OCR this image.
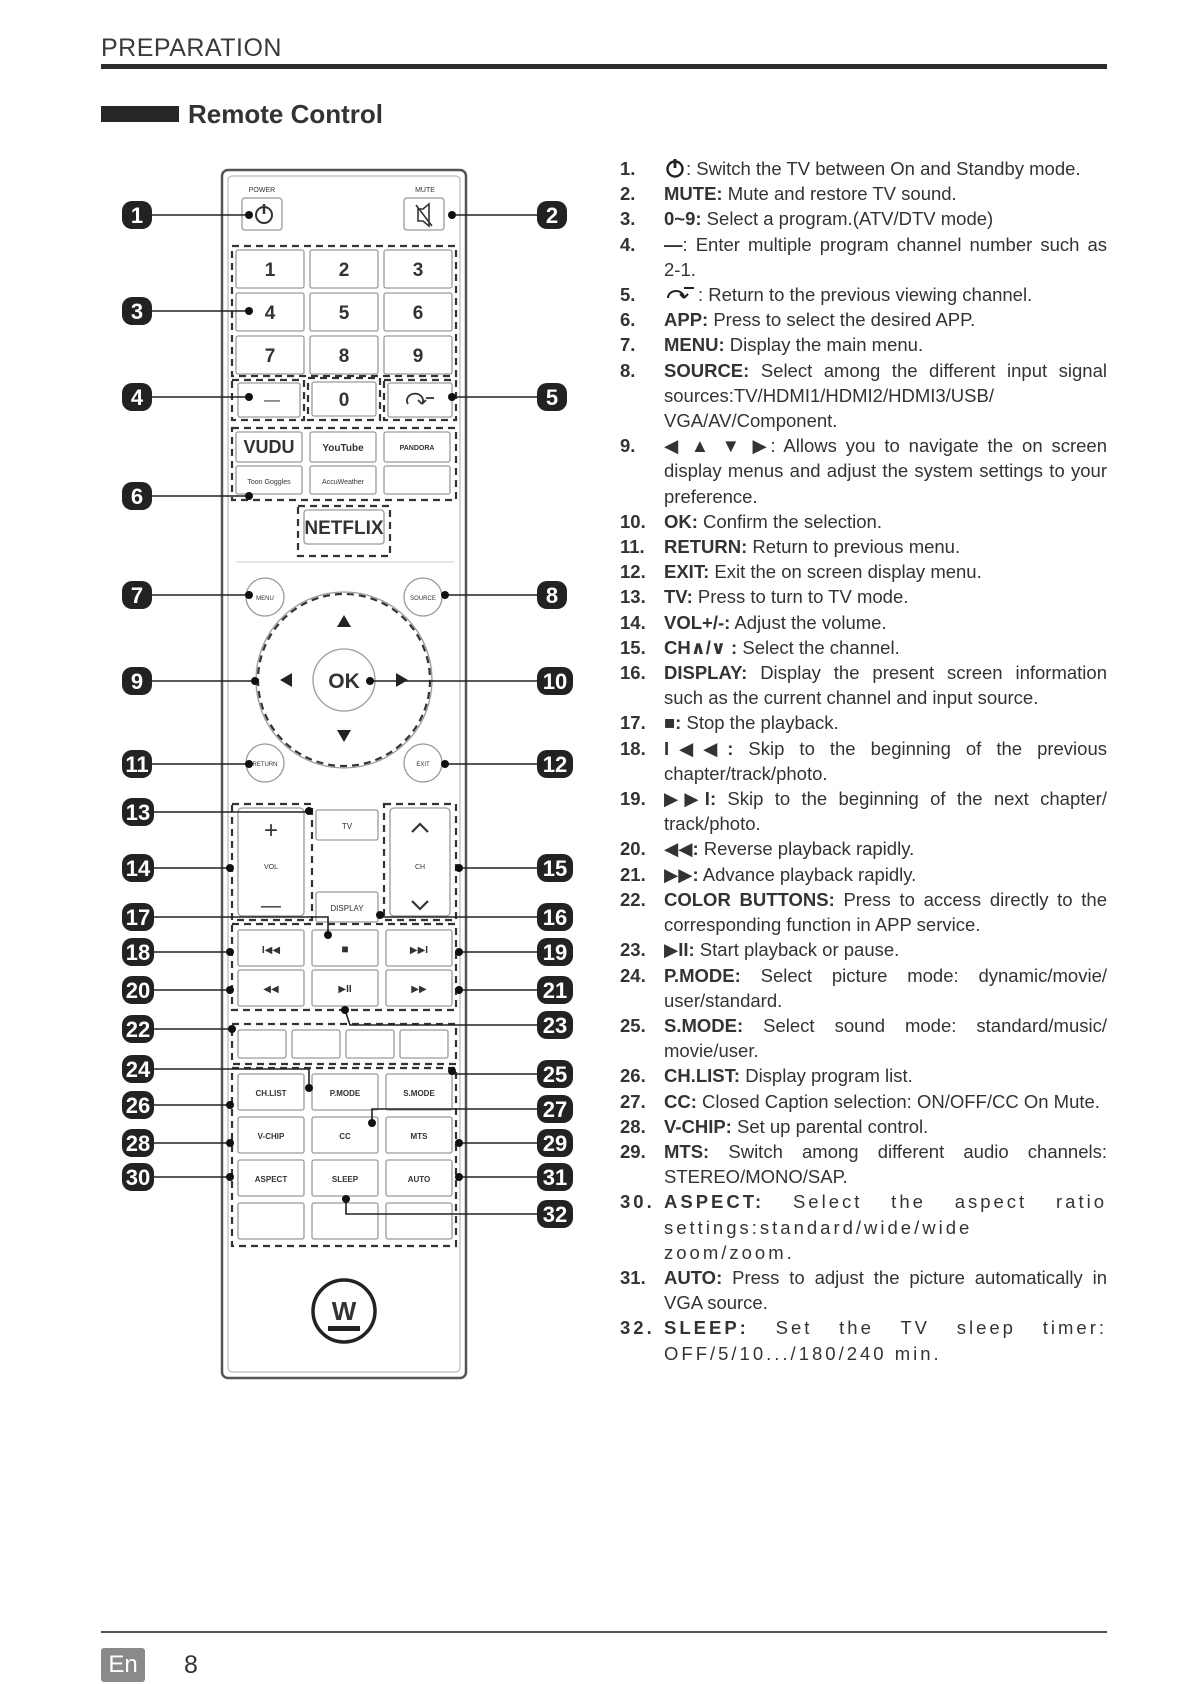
PREPARATION
Remote Control
POWER	MUTE
1	2	3
4	5	6
7	8	9
—	0
VUDU	YouTube	PANDORA
Toon Goggles	AccuWeather
NETFLIX
MENU	SOURCE
OK
RETURN	EXIT
+
VOL
—
TV
DISPLAY
CH
I◀◀	■	▶▶I
◀◀	▶II	▶▶
CH.LIST	P.MODE	S.MODE
V-CHIP	CC	MTS
ASPECT	SLEEP	AUTO
W
1	2
3
4	5
6
7	8
9	10
11	12
13
14	15
16
17
18	19
20	21
22	23
24	25
26	27
28	29
30	31
32
1.	: Switch the TV between On and Standby mode.
2. MUTE: Mute and restore TV sound.
3. 0~9: Select a program.(ATV/DTV mode)
4. —: Enter multiple program channel number such as 2-1.
5.	: Return to the previous viewing channel.
6. APP: Press to select the desired APP.
7. MENU: Display the main menu.
8. SOURCE: Select among the different input signal sources:TV/HDMI1/HDMI2/HDMI3/USB/ VGA/AV/Component.
9. ◀ ▲ ▼ ▶: Allows you to navigate the on screen display menus and adjust the system settings to your preference.
10. OK: Confirm the selection.
11. RETURN: Return to previous menu.
12. EXIT: Exit the on screen display menu.
13. TV: Press to turn to TV mode.
14. VOL+/-: Adjust the volume.
15. CH∧/∨ : Select the channel.
16. DISPLAY: Display the present screen information such as the current channel and input source.
17. ■: Stop the playback.
18. I◀◀: Skip to the beginning of the previous chapter/track/photo.
19. ▶▶I: Skip to the beginning of the next chapter/ track/photo.
20. ◀◀: Reverse playback rapidly.
21. ▶▶: Advance playback rapidly.
22. COLOR BUTTONS: Press to access directly to the corresponding function in APP service.
23. ▶II: Start playback or pause.
24. P.MODE: Select picture mode: dynamic/movie/ user/standard.
25. S.MODE: Select sound mode: standard/music/ movie/user.
26. CH.LIST: Display program list.
27. CC: Closed Caption selection: ON/OFF/CC On Mute.
28. V-CHIP: Set up parental control.
29. MTS: Switch among different audio channels: STEREO/MONO/SAP.
30. ASPECT: Select the aspect ratio settings:standard/wide/wide zoom/zoom.
31. AUTO: Press to adjust the picture automatically in VGA source.
32. SLEEP: Set the TV sleep timer: OFF/5/10.../180/240 min.
En 8
